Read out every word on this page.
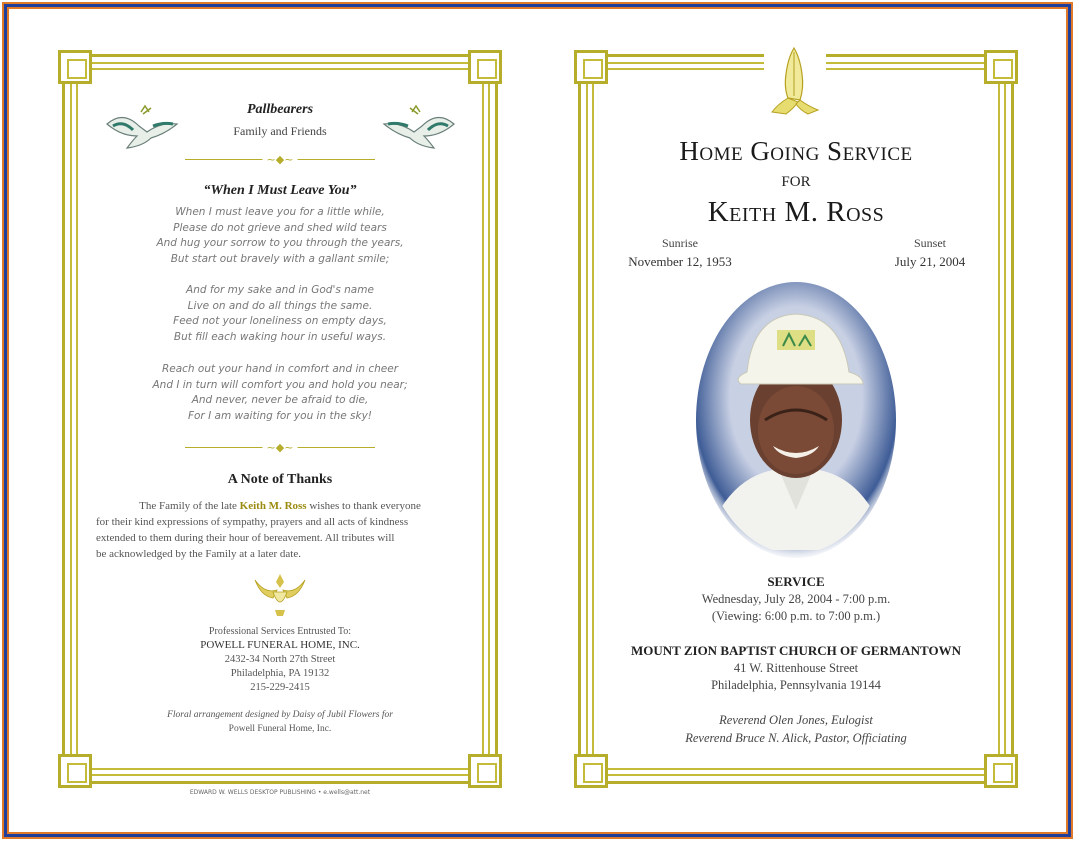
Pallbearers
Family and Friends
~◆~
“When I Must Leave You”
When I must leave you for a little while,
Please do not grieve and shed wild tears
And hug your sorrow to you through the years,
But start out bravely with a gallant smile;
And for my sake and in God's name
Live on and do all things the same.
Feed not your loneliness on empty days,
But fill each waking hour in useful ways.
Reach out your hand in comfort and in cheer
And I in turn will comfort you and hold you near;
And never, never be afraid to die,
For I am waiting for you in the sky!
~◆~
A Note of Thanks
The Family of the late Keith M. Ross wishes to thank everyone
for their kind expressions of sympathy, prayers and all acts of kindness
extended to them during their hour of bereavement. All tributes will
be acknowledged by the Family at a later date.
Professional Services Entrusted To:
POWELL FUNERAL HOME, INC.
2432-34 North 27th Street
Philadelphia, PA 19132
215-229-2415
Floral arrangement designed by Daisy of Jubil Flowers for
Powell Funeral Home, Inc.
EDWARD W. WELLS DESKTOP PUBLISHING • e.wells@att.net
Home Going Service
FOR
Keith M. Ross
Sunrise
November 12, 1953
Sunset
July 21, 2004
SERVICE
Wednesday, July 28, 2004 - 7:00 p.m.
(Viewing: 6:00 p.m. to 7:00 p.m.)
MOUNT ZION BAPTIST CHURCH OF GERMANTOWN
41 W. Rittenhouse Street
Philadelphia, Pennsylvania 19144
Reverend Olen Jones, Eulogist
Reverend Bruce N. Alick, Pastor, Officiating
